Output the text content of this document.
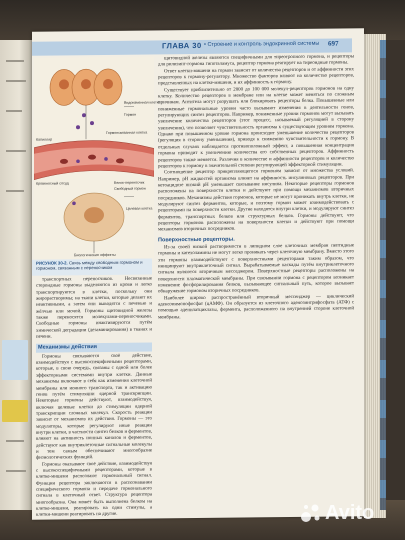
ГЛАВА 30 • Строение и контроль эндокринной системы 697
Видоизменная клетка
Гормон
Гормонсвязанная клетка
Капилляр
Кровеносный сосуд	Белок-переносчик
Свободный гормон
Целевая клетка
Биологические эффекты
РИСУНОК 30-2. Связь между свободным гормоном и гормоном, связанным с переносчиком

транспортных переносчиков. Несвязанные стероидные гормоны выделяются из крови и легко транспортируются в клетки, поскольку они жирорастворимы; на ткани клетки, которые делают их неактивными, а затем они выводятся с печенью и жёлчью или мочой. Гормоны щитовидной железы также переносятся молекулами-переносчиками. Свободные гормоны инактивируются путём химической деградации (дезаминирования) в тканях и печени.

Механизмы действия

Гормоны связываются своё действие, взаимодействуя с высокоспецифичными рецепторами, которые, в свою очередь, связаны с одной или более эффекторными системами внутри клетки. Данные механизмы включают в себя как изменения клеточной мембраны или ионного транспорта, так и активацию генов путём стимуляции ядерной транскрипции. Некоторые гормоны действуют, взаимодействуя, включая целевые клетки до стимуляции ядерной транскрипции сложных молекул. Скорость реакции зависит от механизмов их действия. Гормоны — это модуляторы, которые регулируют иные реакции внутри клетки, в частности синтез белков и ферментов, влияют на активность ионных каналов и ферментов, действуют как внутриклеточные сигнальные молекулы и тем самым обеспечивают многообразие физиологических функций.

Гормоны оказывают своё действие, взаимодействуя с высокоспецифичными рецепторами, которые в клетке-мишени распознают гормональный сигнал. Функции рецептора заключаются в распознавании специфического гормона и передаче гормонального сигнала в клеточный ответ. Структура рецептора многообразна. Она может быть выполнена белком на клетке-мишени, реагировать на одни стимулы, а клетки-мишени реагировать на другие.

щитовидной железы являются специфичными для тиреотропного гормона, и рецепторы для рилизинг-гормона гипоталамуса, рецептор гормона реагирует на тиреоидные гормоны.

Ответ клетки-мишени на гормон зависит от количества рецепторов и от аффинности этих рецепторов к гормону-регулятору. Множество факторов влияют на количество рецепторов, представленных на клетке-мишени, и их аффинность к гормону.

Существует приблизительно от 2000 до 100 000 молекул-рецепторов гормонов на одну клетку. Количество рецепторов в мембране или на клетке может меняться по сложным причинам. Антитела могут разрушать или блокировать рецепторы белка. Повышенные или пониженные гормональные уровни часто вызывают изменения в деятельности генов, регулирующих синтез рецепторов. Например, пониженные уровни гормонов могут вызывать увеличение количества рецепторов (этот процесс, называемый регуляцией в сторону увеличения), что позволяет чувствительность организма к существующим уровням гормона. Однако при повышенном уровне гормона происходит уменьшение количества рецепторов (регуляция в сторону уменьшения), приводя к снижению чувствительности к гормону. В отдельных случаях наблюдается противоположный эффект, а повышенная концентрация гормона приводит к увеличению количества его собственных рецепторов. Аффинность рецепторов также меняется. Различия в количестве и аффинности рецепторов и количество рецепторов к гормону в значительной степени регулирующей эффекторной стимуляции.

Соотношение рецептор прикрепляющегося гормоном зависит от множества условий. Например, pH жидкостей организма влияет на аффинность инсулиновых рецепторов. При кетоацидозе низкий pH уменьшает связывание инсулина. Некоторые рецепторы гормонов расположены на поверхности клетки и действуют при помощи механизмов вторичных посредников. Механизмы действия гормонов, которые не могут проникать внутрь клетки, не модулируют синтез ферментов, которые, и поэтому гормон может взаимодействовать с рецепторами на поверхности клетки. Другие находятся внутри клетки, и модулируют синтез ферментов, транспортных белков или структурных белков. Гормоны действуют, что рецепторы гормонов расположены на поверхности клетки и действуют при помощи механизмов вторичных посредников.

Поверхностные рецепторы.

Из-за своей низкой растворимости в липидном слое клеточных мембран пептидные гормоны и катехоламины не могут легко проникать через клеточную мембрану. Вместо этого эти гормоны взаимодействуют с поверхностными рецепторами таким образом, что инициируют внутриклеточный сигнал. Вырабатываемые каскады путём внутриклеточного сигнала являются вторичным месседжером. Поверхностные рецепторы расположены на поверхности плазматической мембраны. При связывании гормона с рецептором возникает изменение фосфорилирования белков, вызывающее сигнальный путь, которое вызывает обнаружение гормоном вторичных посредников.

Наиболее широко распространённый вторичный мессенджер — циклический аденозинмонофосфат (цАМФ). Он образуется из клеточного аденозинтрифосфата (АТФ) с помощью аденилатциклазы, фермента, расположенного на внутренней стороне клеточной мембраны.

Avito
